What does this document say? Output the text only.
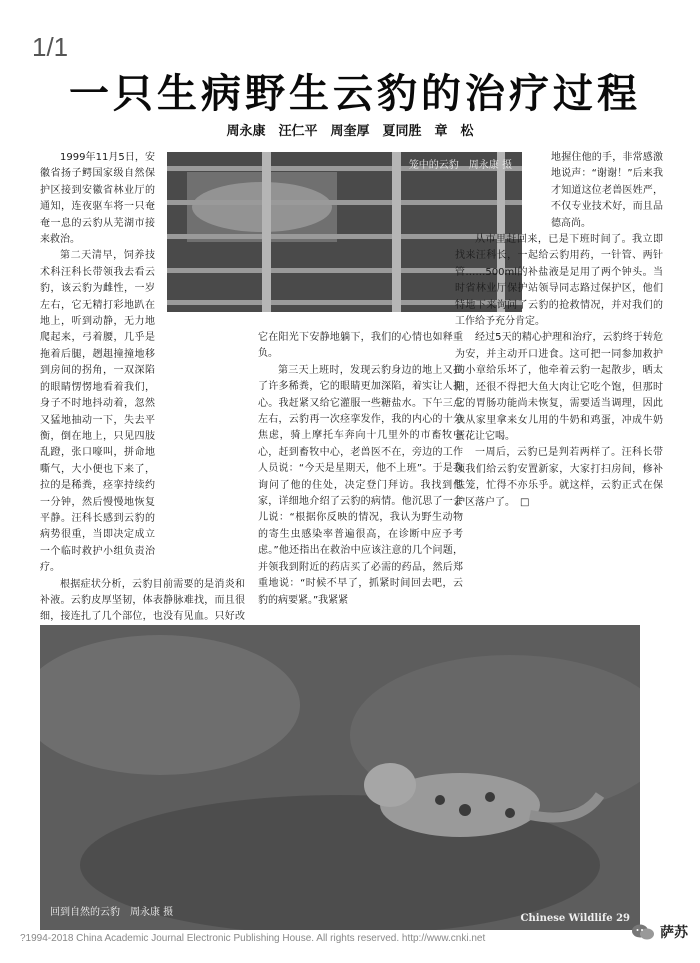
1/1
一只生病野生云豹的治疗过程
周永康　汪仁平　周奎厚　夏同胜　章　松
笼中的云豹　周永康 摄

1999年11月5日，安徽省扬子鳄国家级自然保护区接到安徽省林业厅的通知，连夜驱车将一只奄奄一息的云豹从芜湖市接来救治。

第二天清早，饲养技术科汪科长带领我去看云豹，该云豹为雌性，一岁左右，它无精打彩地趴在地上，听到动静，无力地爬起来，弓着腰，几乎是拖着后腿，趔趄撞撞地移到房间的拐角，一双深陷的眼睛愣愣地看着我们，身子不时地抖动着，忽然又猛地抽动一下，失去平衡，倒在地上，只见四肢乱蹬，张口嚎叫，拼命地嘶气，大小便也下来了，拉的是稀粪，痉挛持续约一分钟，然后慢慢地恢复平静。汪科长感到云豹的病势很重，当即决定成立一个临时救护小组负责治疗。

根据症状分析，云豹目前需要的是消炎和补液。云豹皮厚坚韧，体表静脉难找，而且很细，接连扎了几个部位，也没有见血。只好改

它在阳光下安静地躺下，我们的心情也如释重负。

第三天上班时，发现云豹身边的地上又拉了许多稀粪，它的眼睛更加深陷，着实让人担心。我赶紧又给它灌服一些糖盐水。下午三点左右，云豹再一次痉挛发作，我的内心的十分焦虑，骑上摩托车奔向十几里外的市畜牧中心，赶到畜牧中心，老兽医不在，旁边的工作人员说：“今天是星期天，他不上班”。于是我询问了他的住处，决定登门拜访。我找到他家，详细地介绍了云豹的病情。他沉思了一会儿说：“根据你反映的情况，我认为野生动物的寄生虫感染率普遍很高，在诊断中应予考虑。”他还指出在救治中应该注意的几个问题，并领我到附近的药店买了必需的药品，然后郑重地说：“时候不早了，抓紧时间回去吧，云豹的病要紧。”我紧紧

地握住他的手，非常感激地说声：“谢谢！”后来我才知道这位老兽医姓严，不仅专业技术好，而且品德高尚。

从市里赶回来，已是下班时间了。我立即找来汪科长，一起给云豹用药，一针管、两针管……500ml的补盐液是足用了两个钟头。当时省林业厅保护站领导同志路过保护区，他们特地下来询问了云豹的抢救情况，并对我们的工作给予充分肯定。

经过5天的精心护理和治疗，云豹终于转危为安，并主动开口进食。这可把一同参加救护的小章给乐坏了，他牵着云豹一起散步，晒太阳，还很不得把大鱼大肉让它吃个饱，但那时它的胃肠功能尚未恢复，需要适当调理，因此我从家里拿来女儿用的牛奶和鸡蛋，冲成牛奶蛋花让它喝。

一周后，云豹已是判若两样了。汪科长带领我们给云豹安置新家，大家打扫房间，修补铁笼，忙得不亦乐乎。就这样，云豹正式在保护区落户了。　□

回到自然的云豹　周永康 摄
Chinese Wildlife 29
?1994-2018 China Academic Journal Electronic Publishing House. All rights reserved. http://www.cnki.net	萨苏
